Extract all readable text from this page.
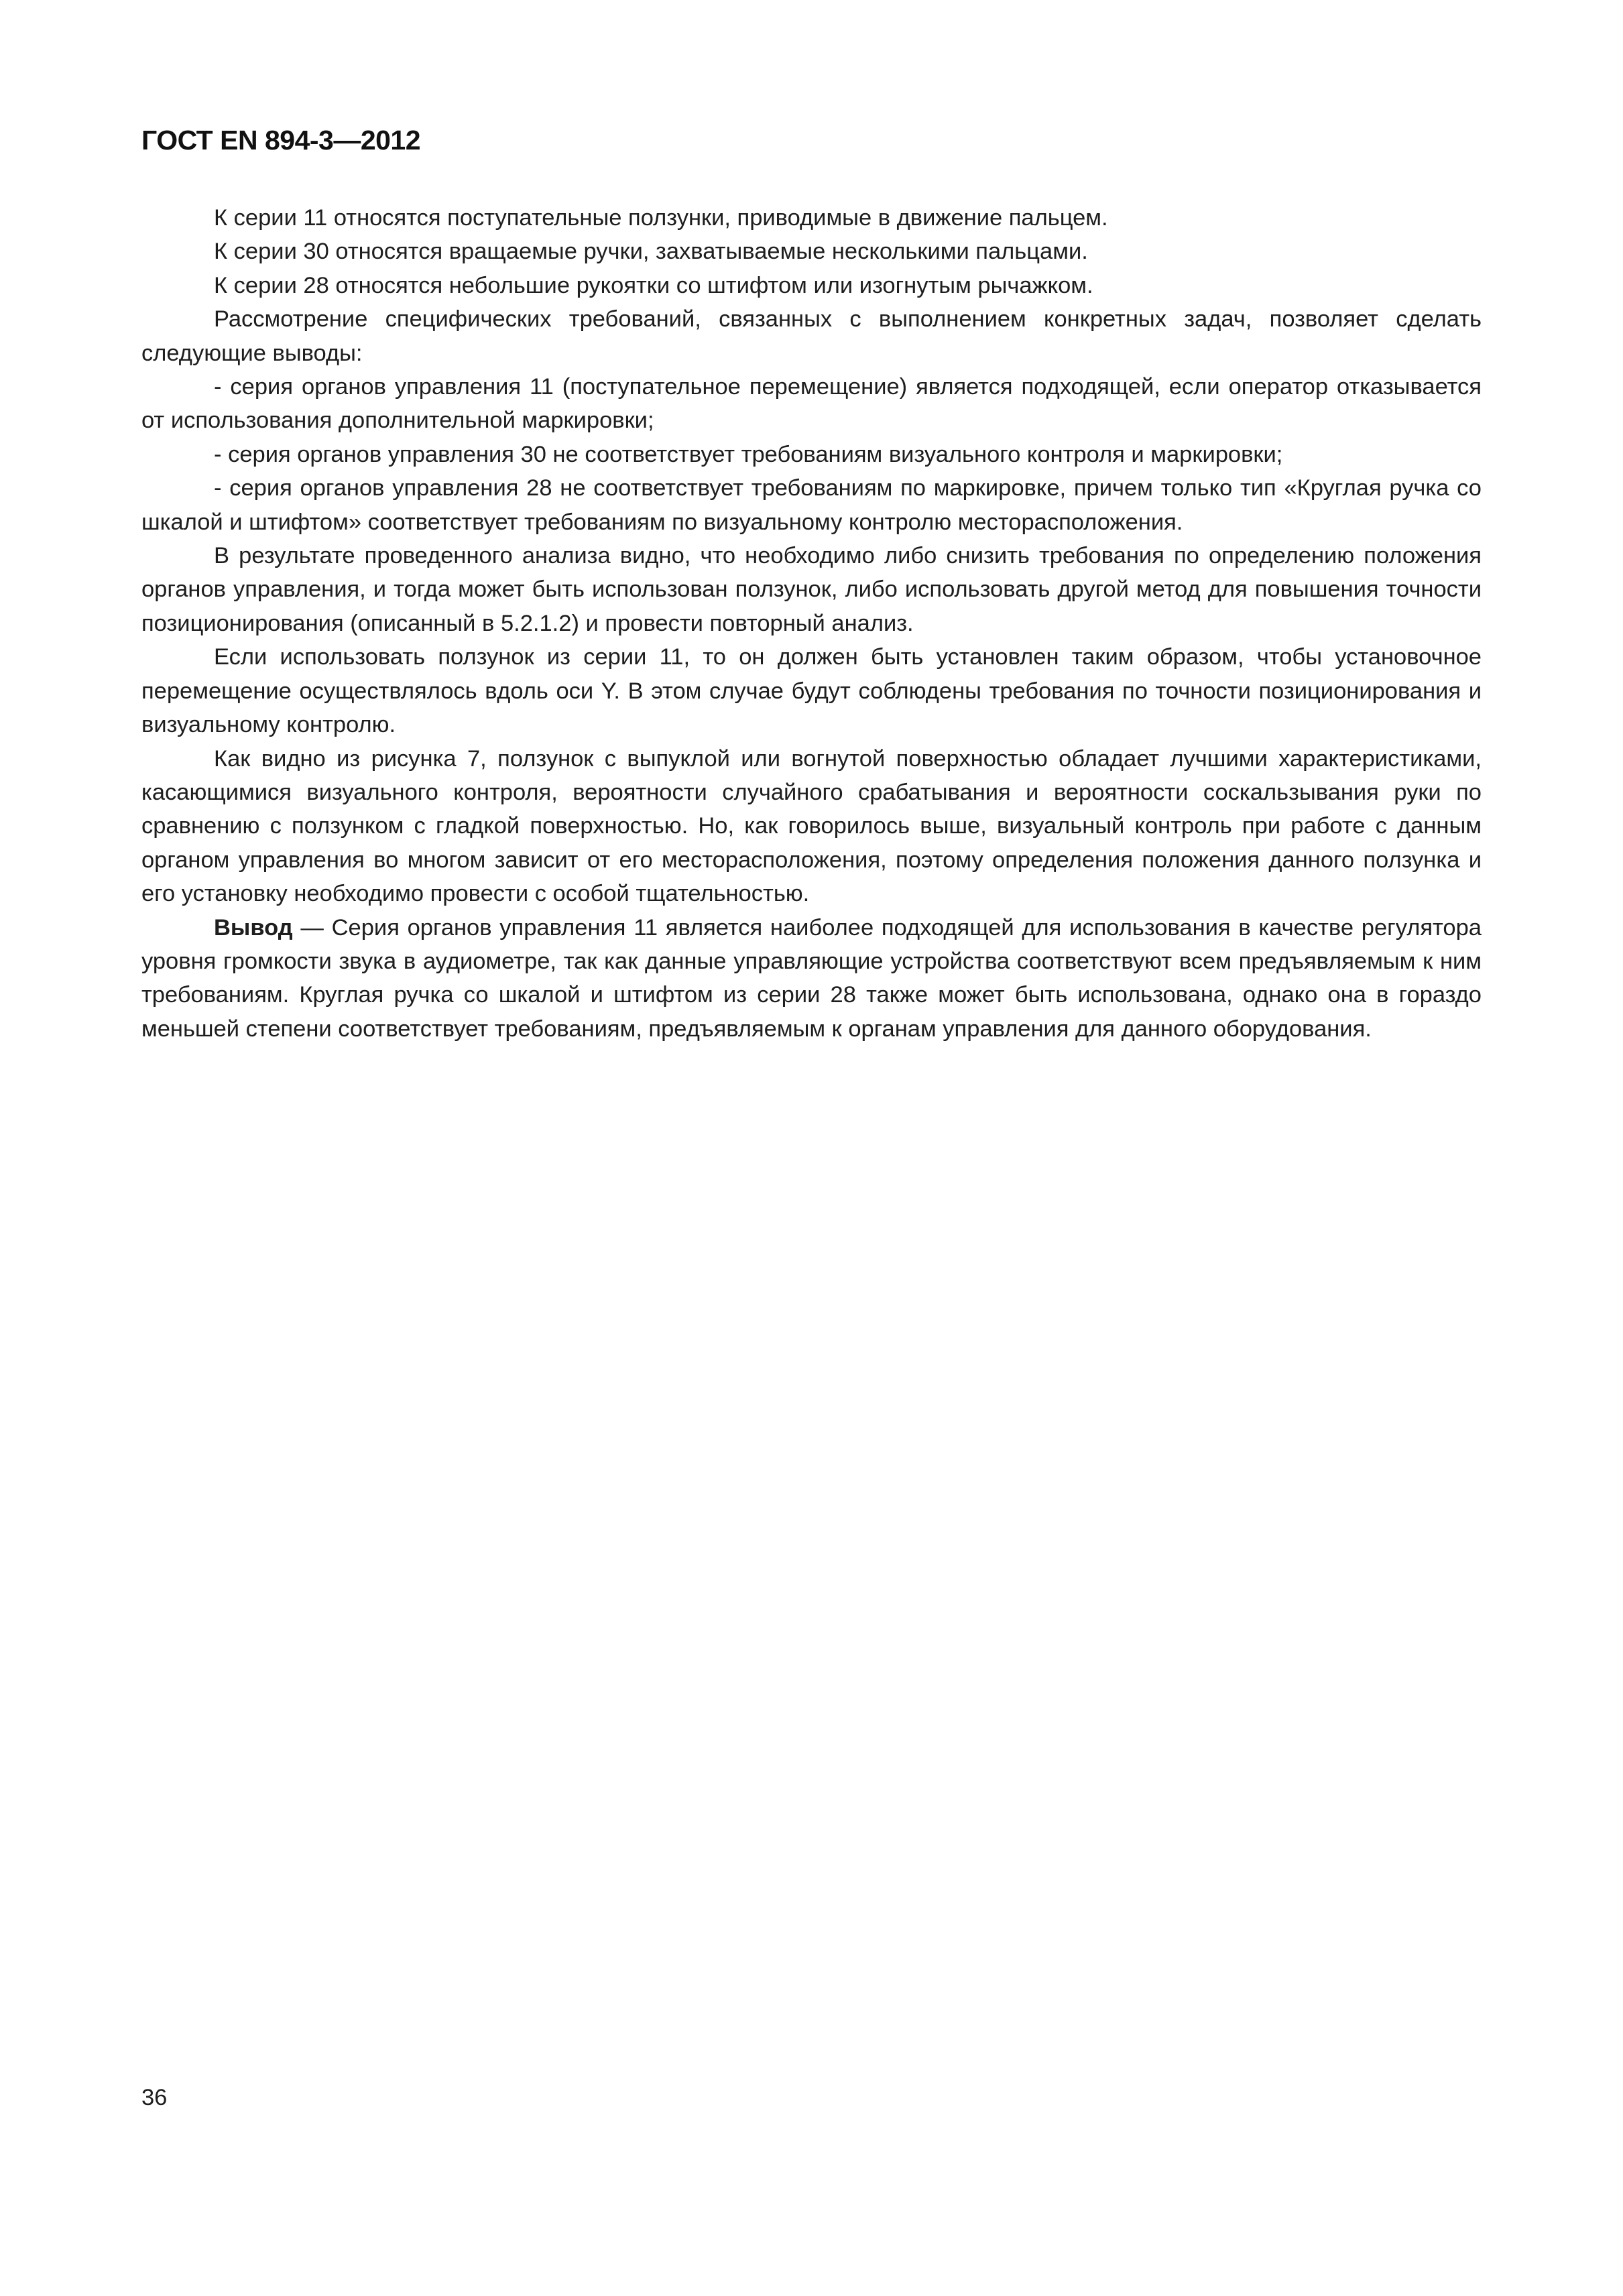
ГОСТ EN 894-3—2012

К серии 11 относятся поступательные ползунки, приводимые в движение пальцем.

К серии 30 относятся вращаемые ручки, захватываемые несколькими пальцами.

К серии 28 относятся небольшие рукоятки со штифтом или изогнутым рычажком.

Рассмотрение специфических требований, связанных с выполнением конкретных задач, позволяет сделать следующие выводы:

- серия органов управления 11 (поступательное перемещение) является подходящей, если оператор отказывается от использования дополнительной маркировки;

- серия органов управления 30 не соответствует требованиям визуального контроля и маркировки;

- серия органов управления 28 не соответствует требованиям по маркировке, причем только тип «Круглая ручка со шкалой и штифтом» соответствует требованиям по визуальному контролю месторасположения.

В результате проведенного анализа видно, что необходимо либо снизить требования по определению положения органов управления, и тогда может быть использован ползунок, либо использовать другой метод для повышения точности позиционирования (описанный в 5.2.1.2) и провести повторный анализ.

Если использовать ползунок из серии 11, то он должен быть установлен таким образом, чтобы установочное перемещение осуществлялось вдоль оси Y. В этом случае будут соблюдены требования по точности позиционирования и визуальному контролю.

Как видно из рисунка 7, ползунок с выпуклой или вогнутой поверхностью обладает лучшими характеристиками, касающимися визуального контроля, вероятности случайного срабатывания и вероятности соскальзывания руки по сравнению с ползунком с гладкой поверхностью. Но, как говорилось выше, визуальный контроль при работе с данным органом управления во многом зависит от его месторасположения, поэтому определения положения данного ползунка и его установку необходимо провести с особой тщательностью.

Вывод — Серия органов управления 11 является наиболее подходящей для использования в качестве регулятора уровня громкости звука в аудиометре, так как данные управляющие устройства соответствуют всем предъявляемым к ним требованиям. Круглая ручка со шкалой и штифтом из серии 28 также может быть использована, однако она в гораздо меньшей степени соответствует требованиям, предъявляемым к органам управления для данного оборудования.

36
